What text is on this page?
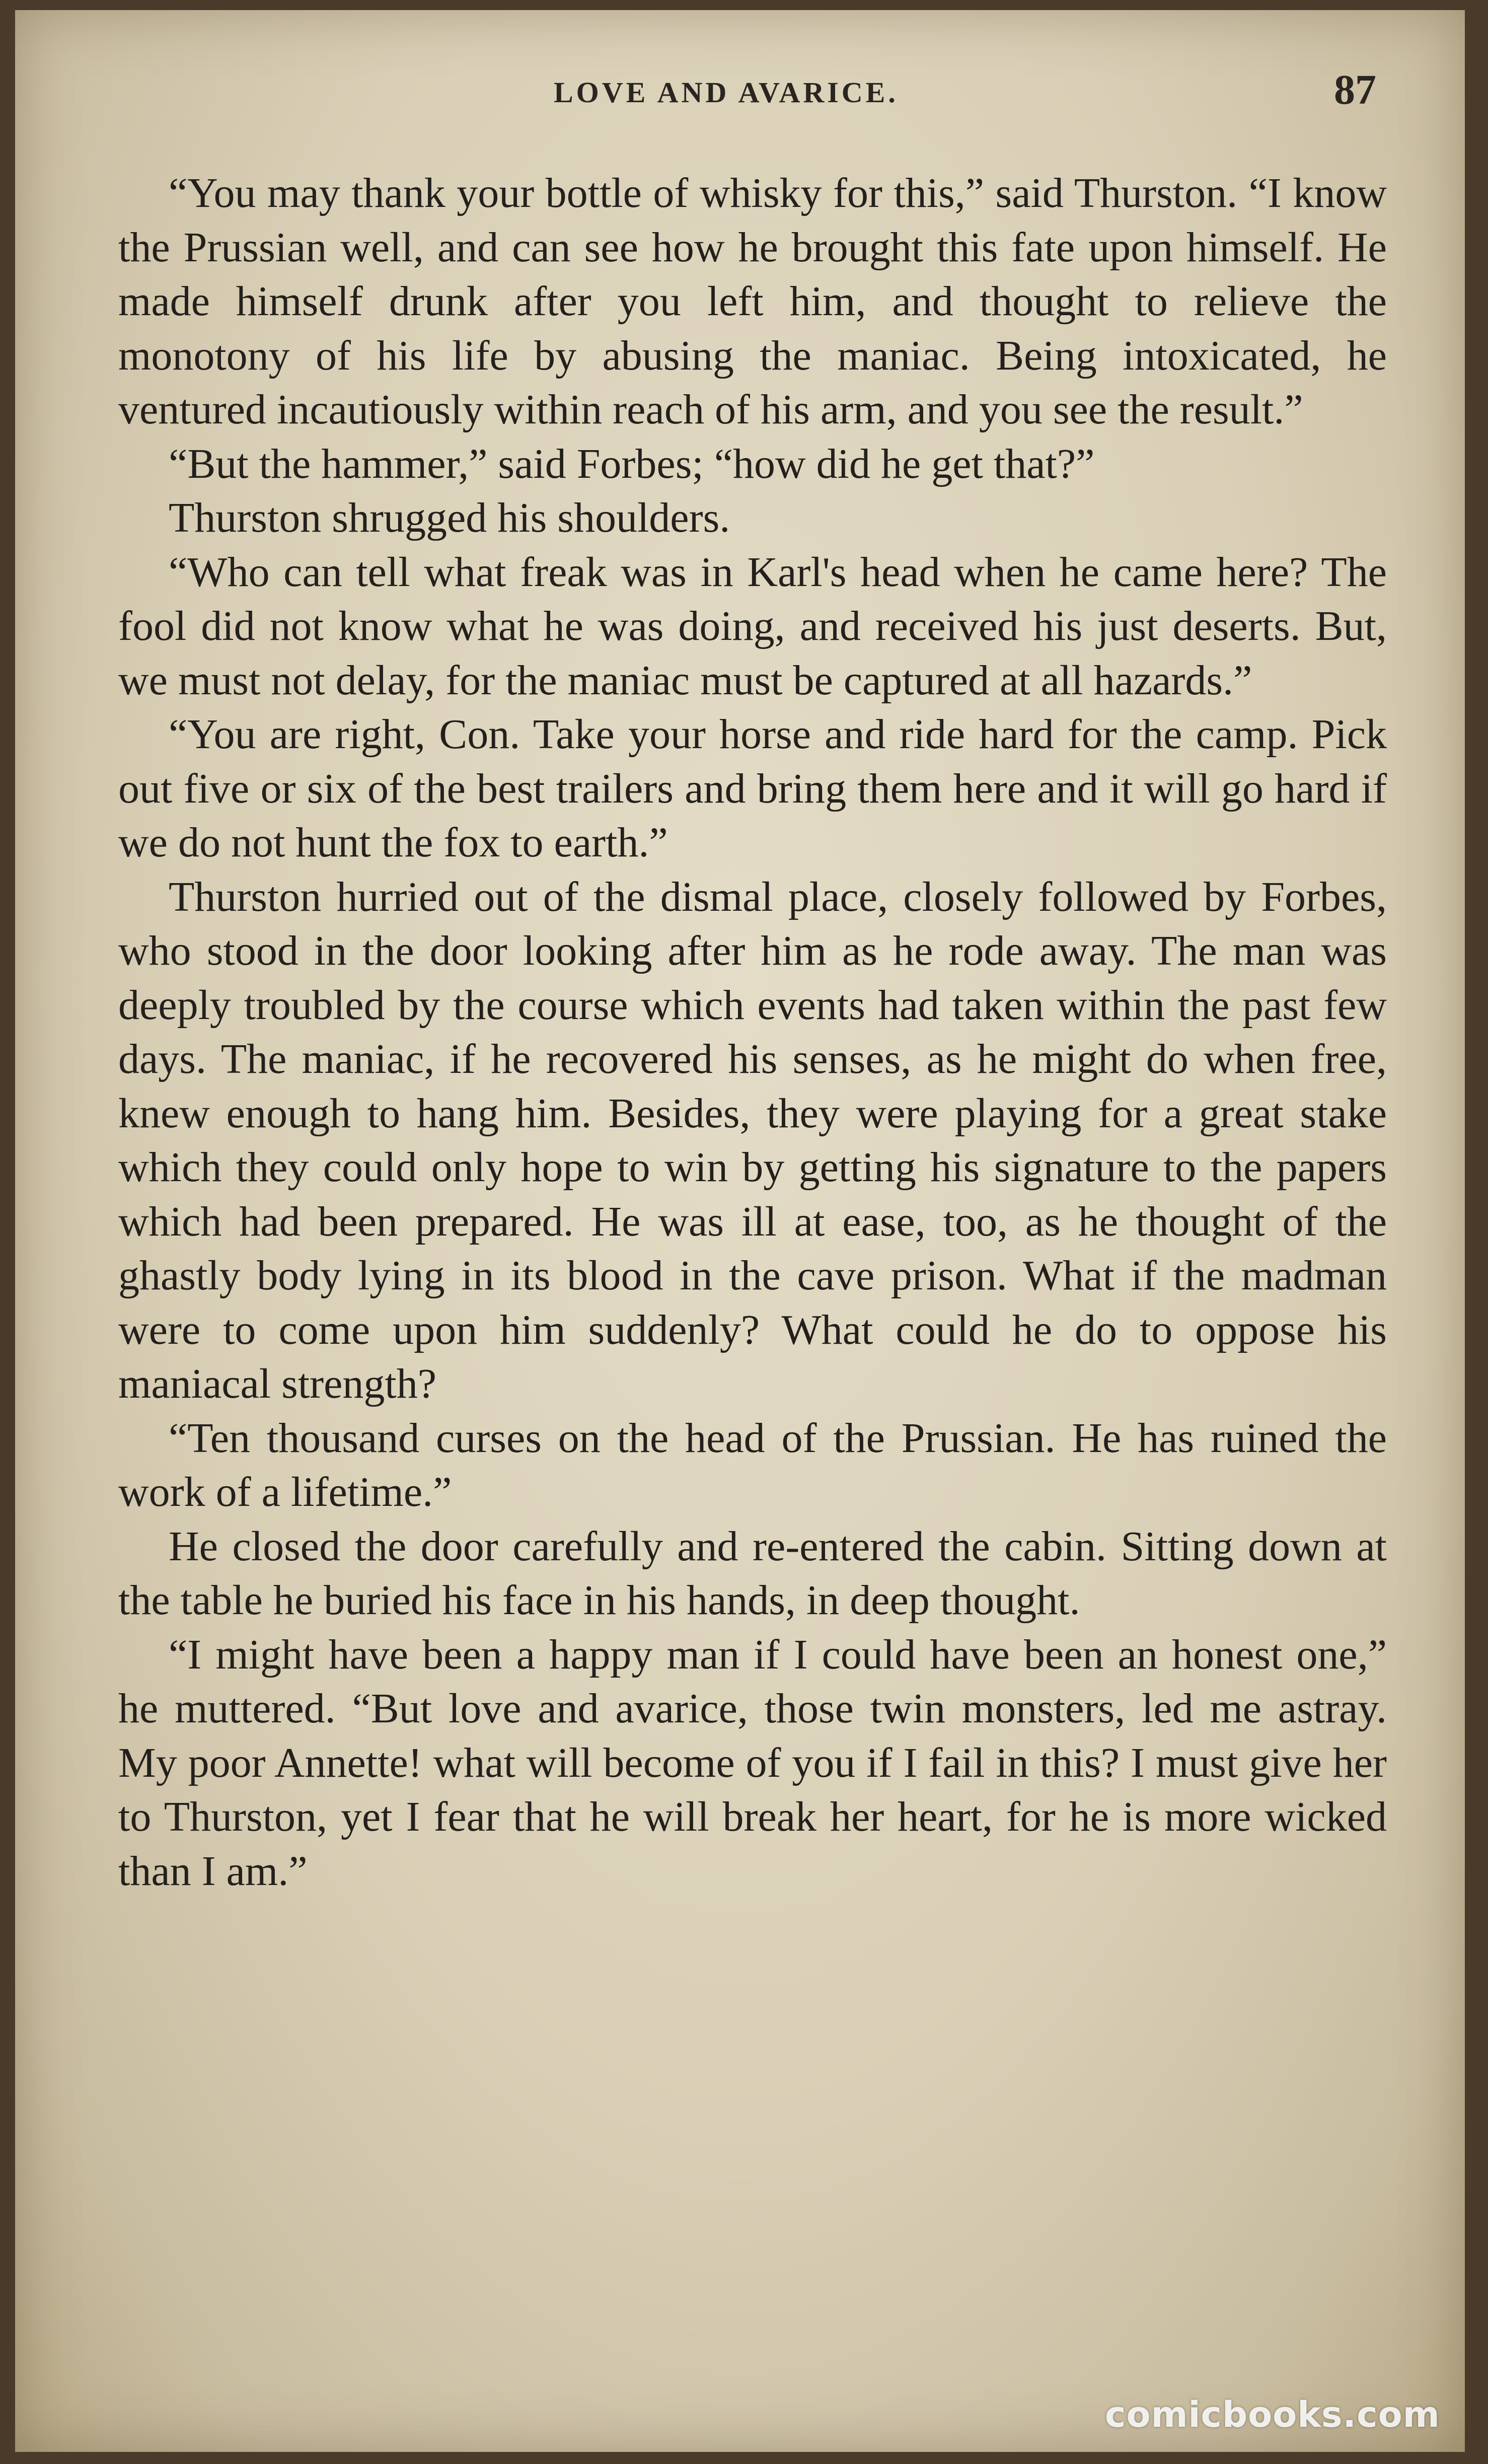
LOVE AND AVARICE.	87

“You may thank your bottle of whisky for this,” said Thurston. “I know the Prussian well, and can see how he brought this fate upon himself. He made himself drunk after you left him, and thought to relieve the monotony of his life by abusing the maniac. Being intoxicated, he ventured incautiously within reach of his arm, and you see the result.”

“But the hammer,” said Forbes; “how did he get that?”

Thurston shrugged his shoulders.

“Who can tell what freak was in Karl's head when he came here? The fool did not know what he was doing, and received his just deserts. But, we must not delay, for the maniac must be captured at all hazards.”

“You are right, Con. Take your horse and ride hard for the camp. Pick out five or six of the best trailers and bring them here and it will go hard if we do not hunt the fox to earth.”

Thurston hurried out of the dismal place, closely followed by Forbes, who stood in the door looking after him as he rode away. The man was deeply troubled by the course which events had taken within the past few days. The maniac, if he recovered his senses, as he might do when free, knew enough to hang him. Besides, they were playing for a great stake which they could only hope to win by getting his signature to the papers which had been prepared. He was ill at ease, too, as he thought of the ghastly body lying in its blood in the cave prison. What if the madman were to come upon him suddenly? What could he do to oppose his maniacal strength?

“Ten thousand curses on the head of the Prussian. He has ruined the work of a lifetime.”

He closed the door carefully and re-entered the cabin. Sitting down at the table he buried his face in his hands, in deep thought.

“I might have been a happy man if I could have been an honest one,” he muttered. “But love and avarice, those twin monsters, led me astray. My poor Annette! what will become of you if I fail in this? I must give her to Thurston, yet I fear that he will break her heart, for he is more wicked than I am.”

comicbooks.com
